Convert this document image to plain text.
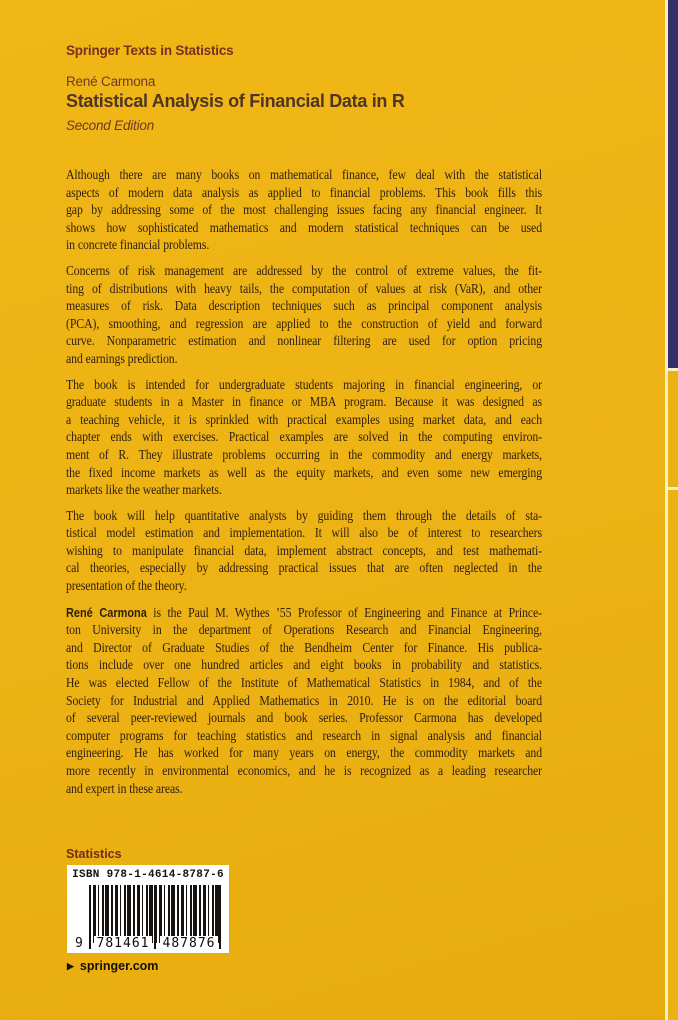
Springer Texts in Statistics
René Carmona
Statistical Analysis of Financial Data in R
Second Edition
Although there are many books on mathematical finance, few deal with the statistical
aspects of modern data analysis as applied to financial problems. This book fills this
gap by addressing some of the most challenging issues facing any financial engineer. It
shows how sophisticated mathematics and modern statistical techniques can be used
in concrete financial problems.
Concerns of risk management are addressed by the control of extreme values, the fit-
ting of distributions with heavy tails, the computation of values at risk (VaR), and other
measures of risk. Data description techniques such as principal component analysis
(PCA), smoothing, and regression are applied to the construction of yield and forward
curve. Nonparametric estimation and nonlinear filtering are used for option pricing
and earnings prediction.
The book is intended for undergraduate students majoring in financial engineering, or
graduate students in a Master in finance or MBA program. Because it was designed as
a teaching vehicle, it is sprinkled with practical examples using market data, and each
chapter ends with exercises. Practical examples are solved in the computing environ-
ment of R. They illustrate problems occurring in the commodity and energy markets,
the fixed income markets as well as the equity markets, and even some new emerging
markets like the weather markets.
The book will help quantitative analysts by guiding them through the details of sta-
tistical model estimation and implementation. It will also be of interest to researchers
wishing to manipulate financial data, implement abstract concepts, and test mathemati-
cal theories, especially by addressing practical issues that are often neglected in the
presentation of the theory.
René Carmona is the Paul M. Wythes ’55 Professor of Engineering and Finance at Prince-
ton University in the department of Operations Research and Financial Engineering,
and Director of Graduate Studies of the Bendheim Center for Finance. His publica-
tions include over one hundred articles and eight books in probability and statistics.
He was elected Fellow of the Institute of Mathematical Statistics in 1984, and of the
Society for Industrial and Applied Mathematics in 2010. He is on the editorial board
of several peer-reviewed journals and book series. Professor Carmona has developed
computer programs for teaching statistics and research in signal analysis and financial
engineering. He has worked for many years on energy, the commodity markets and
more recently in environmental economics, and he is recognized as a leading researcher
and expert in these areas.
Statistics
ISBN 978-1-4614-8787-6
9 781461 487876
▶ springer.com
